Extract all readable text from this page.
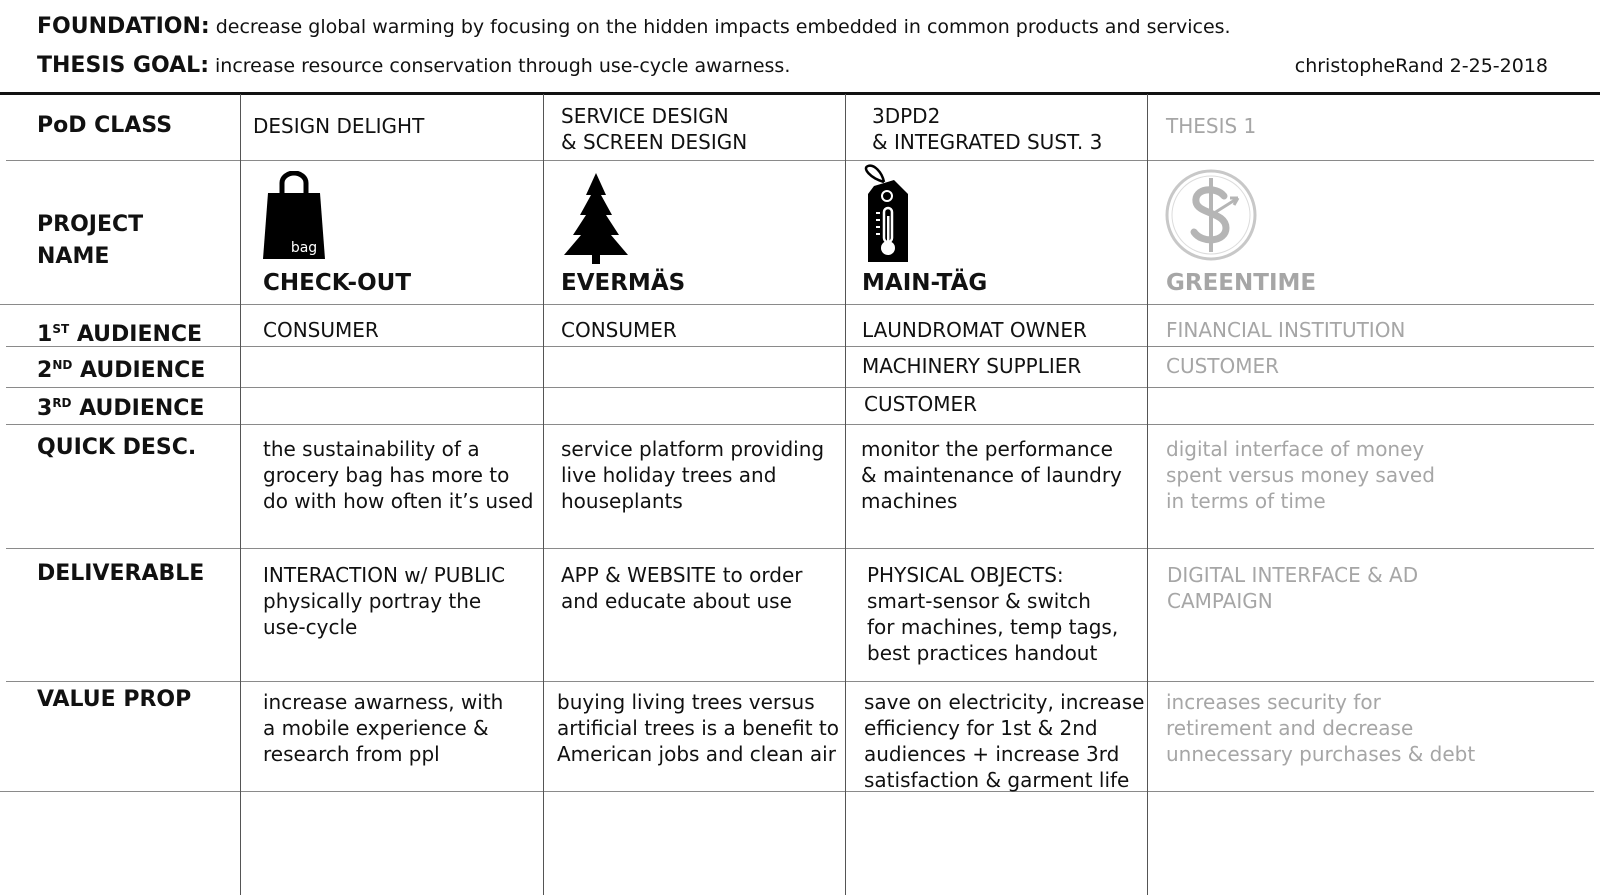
FOUNDATION: decrease global warming by focusing on the hidden impacts embedded in common products and services.
THESIS GOAL: increase resource conservation through use-cycle awarness.	christopheRand 2-25-2018
PoD CLASS
PROJECT
NAME
1ST AUDIENCE
2ND AUDIENCE
3RD AUDIENCE
QUICK DESC.
DELIVERABLE
VALUE PROP
DESIGN DELIGHT
bag
CHECK-OUT
CONSUMER
the sustainability of a
grocery bag has more to
do with how often it’s used
INTERACTION w/ PUBLIC
physically portray the
use-cycle
increase awarness, with
a mobile experience &
research from ppl
SERVICE DESIGN
& SCREEN DESIGN
EVERMÄS
CONSUMER
service platform providing
live holiday trees and
houseplants
APP & WEBSITE to order
and educate about use
buying living trees versus
artificial trees is a benefit to
American jobs and clean air
3DPD2
& INTEGRATED SUST. 3
MAIN-TÄG
LAUNDROMAT OWNER
MACHINERY SUPPLIER
CUSTOMER
monitor the performance
& maintenance of laundry
machines
PHYSICAL OBJECTS:
smart-sensor & switch
for machines, temp tags,
best practices handout
save on electricity, increase
efficiency for 1st & 2nd
audiences + increase 3rd
satisfaction & garment life
THESIS 1
GREENTIME
FINANCIAL INSTITUTION
CUSTOMER
digital interface of money
spent versus money saved
in terms of time
DIGITAL INTERFACE & AD
CAMPAIGN
increases security for
retirement and decrease
unnecessary purchases & debt
